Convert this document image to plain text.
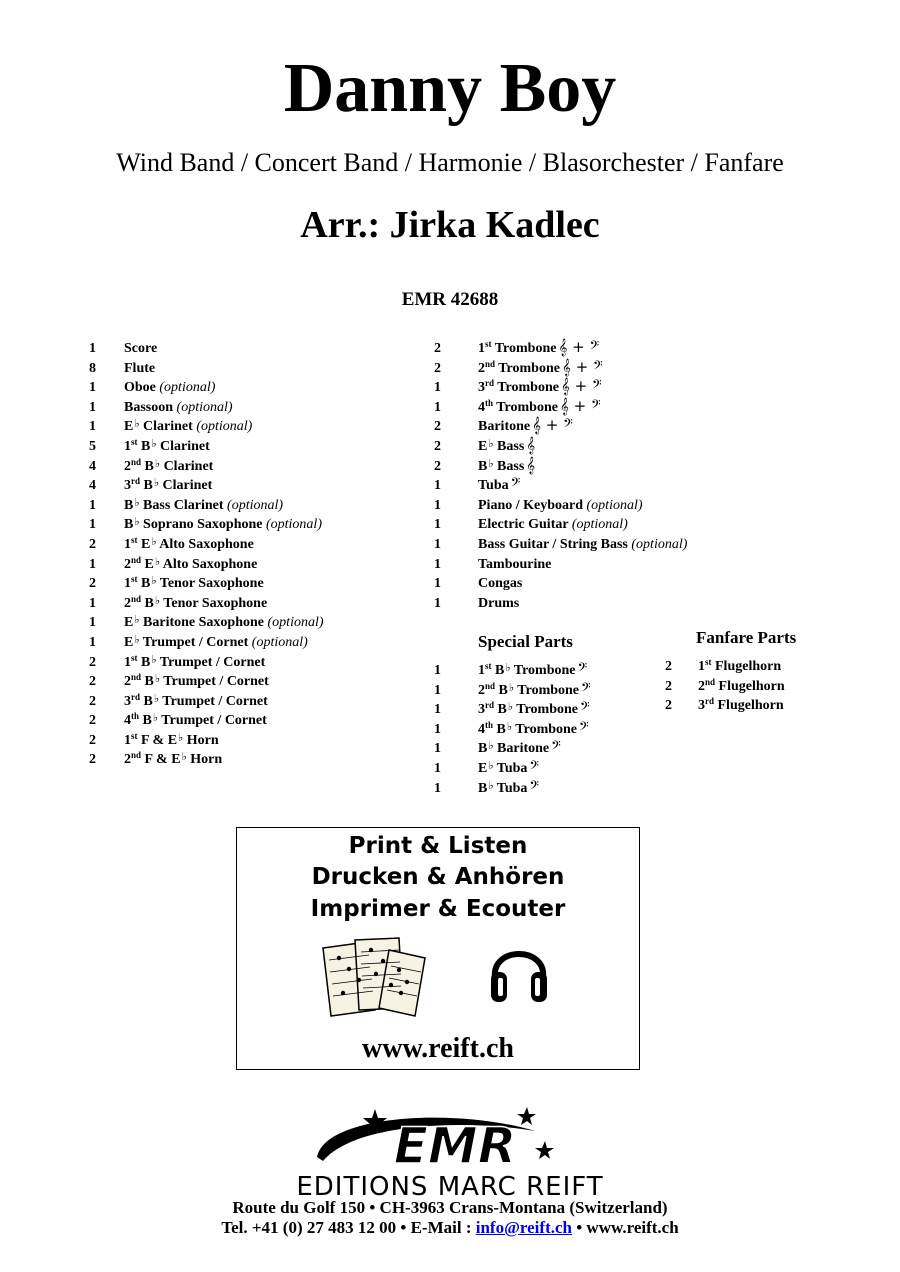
Danny Boy
Wind Band / Concert Band / Harmonie / Blasorchester / Fanfare
Arr.: Jirka Kadlec
EMR 42688
1 Score
8 Flute
1 Oboe (optional)
1 Bassoon (optional)
1 E♭ Clarinet (optional)
5 1st B♭ Clarinet
4 2nd B♭ Clarinet
4 3rd B♭ Clarinet
1 B♭ Bass Clarinet (optional)
1 B♭ Soprano Saxophone (optional)
2 1st E♭ Alto Saxophone
1 2nd E♭ Alto Saxophone
2 1st B♭ Tenor Saxophone
1 2nd B♭ Tenor Saxophone
1 E♭ Baritone Saxophone (optional)
1 E♭ Trumpet / Cornet (optional)
2 1st B♭ Trumpet / Cornet
2 2nd B♭ Trumpet / Cornet
2 3rd B♭ Trumpet / Cornet
2 4th B♭ Trumpet / Cornet
2 1st F & E♭ Horn
2 2nd F & E♭ Horn
2	1st Trombone 𝄞 + 𝄢
2	2nd Trombone 𝄞 + 𝄢
1	3rd Trombone 𝄞 + 𝄢
1	4th Trombone 𝄞 + 𝄢
2	Baritone 𝄞 + 𝄢
2	E♭ Bass 𝄞
2	B♭ Bass 𝄞
1	Tuba 𝄢
1	Piano / Keyboard (optional)
1	Electric Guitar (optional)
1	Bass Guitar / String Bass (optional)
1	Tambourine
1	Congas
1	Drums
Special Parts
1	1st B♭ Trombone 𝄢
1	2nd B♭ Trombone 𝄢
1	3rd B♭ Trombone 𝄢
1	4th B♭ Trombone 𝄢
1	B♭ Baritone 𝄢
1	E♭ Tuba 𝄢
1	B♭ Tuba 𝄢
Fanfare Parts
2 1st Flugelhorn
2 2nd Flugelhorn
2 3rd Flugelhorn
Print & Listen
Drucken & Anhören
Imprimer & Ecouter
www.reift.ch
EMR
EDITIONS MARC REIFT
Route du Golf 150 • CH-3963 Crans-Montana (Switzerland)
Tel. +41 (0) 27 483 12 00 • E-Mail : info@reift.ch • www.reift.ch
